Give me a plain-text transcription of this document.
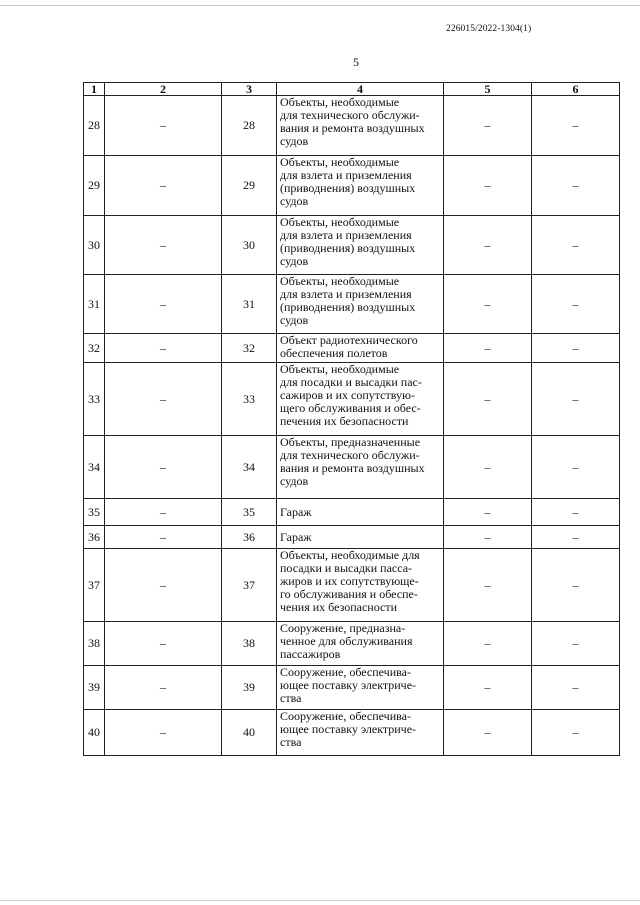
226015/2022-1304(1)
5
1	2	3	4	5	6
28	–	28	Объекты, необходимые
для технического обслужи-
вания и ремонта воздушных
судов	–	–
29	–	29	Объекты, необходимые
для взлета и приземления
(приводнения) воздушных
судов	–	–
30	–	30	Объекты, необходимые
для взлета и приземления
(приводнения) воздушных
судов	–	–
31	–	31	Объекты, необходимые
для взлета и приземления
(приводнения) воздушных
судов	–	–
32	–	32	Объект радиотехнического
обеспечения полетов	–	–
33	–	33	Объекты, необходимые
для посадки и высадки пас-
сажиров и их сопутствую-
щего обслуживания и обес-
печения их безопасности	–	–
34	–	34	Объекты, предназначенные
для технического обслужи-
вания и ремонта воздушных
судов	–	–
35	–	35	Гараж	–	–
36	–	36	Гараж	–	–
37	–	37	Объекты, необходимые для
посадки и высадки пасса-
жиров и их сопутствующе-
го обслуживания и обеспе-
чения их безопасности	–	–
38	–	38	Сооружение, предназна-
ченное для обслуживания
пассажиров	–	–
39	–	39	Сооружение, обеспечива-
ющее поставку электриче-
ства	–	–
40	–	40	Сооружение, обеспечива-
ющее поставку электриче-
ства	–	–
